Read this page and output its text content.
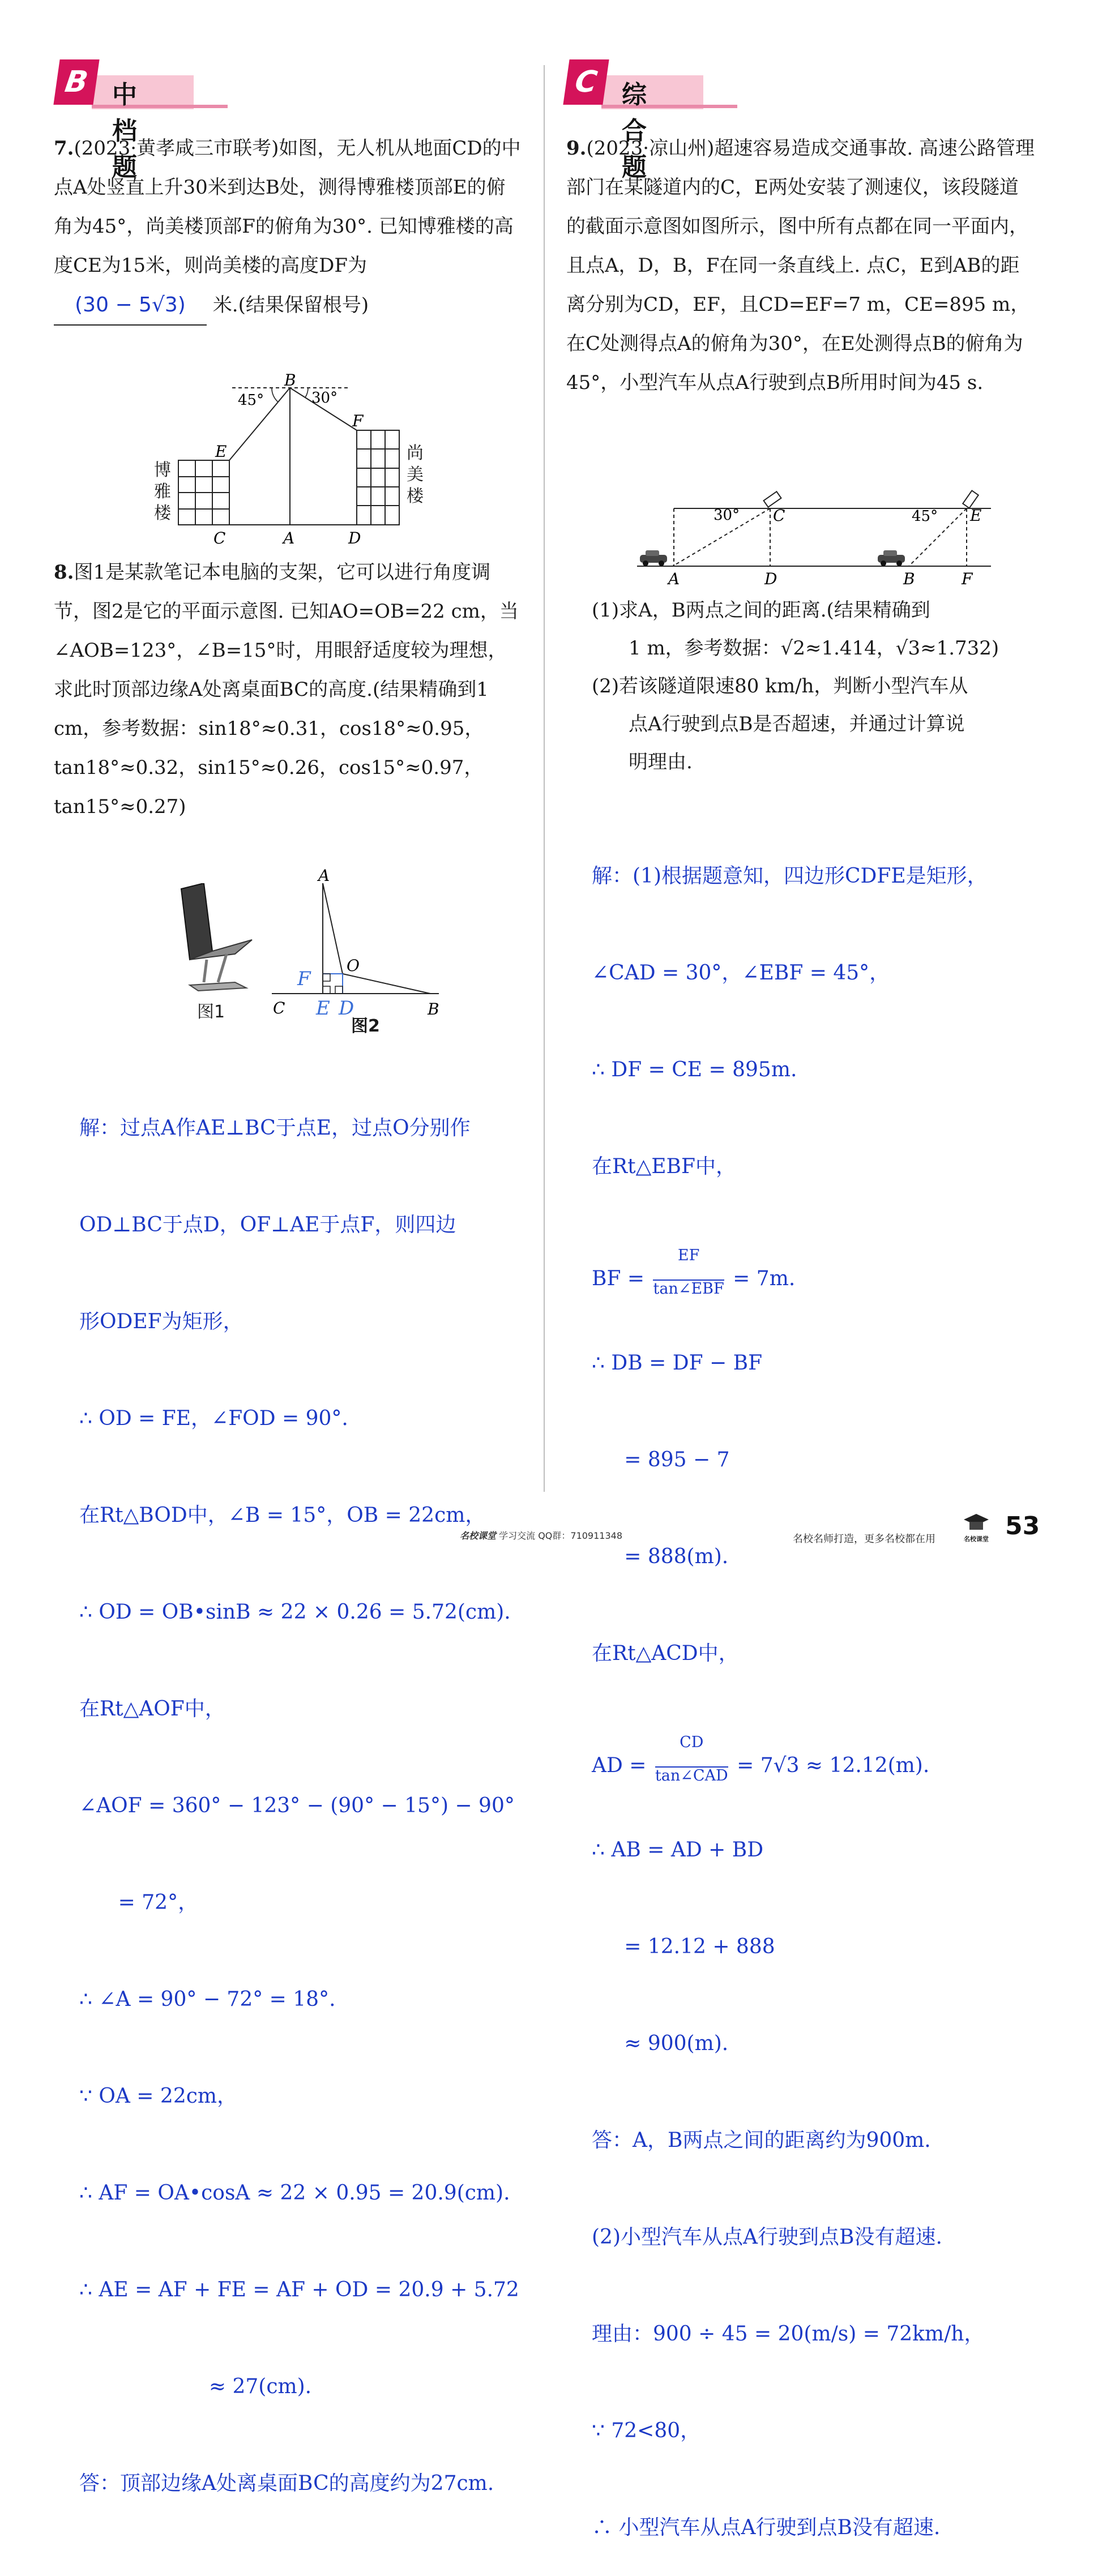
B 中档题
C 综合题
7.(2023·黄孝咸三市联考)如图，无人机从地面CD的中点A处竖直上升30米到达B处，测得博雅楼顶部E的俯角为45°，尚美楼顶部F的俯角为30°. 已知博雅楼的高度CE为15米，则尚美楼的高度DF为 (30 − 5√3) 米.(结果保留根号)
45°	30°
B
E
F
C	A	D
博雅楼
尚美楼
8.图1是某款笔记本电脑的支架，它可以进行角度调节，图2是它的平面示意图. 已知AO=OB=22 cm，当∠AOB=123°，∠B=15°时，用眼舒适度较为理想，求此时顶部边缘A处离桌面BC的高度.(结果精确到1 cm，参考数据：sin18°≈0.31，cos18°≈0.95，tan18°≈0.32，sin15°≈0.26，cos15°≈0.97，tan15°≈0.27)
图1
A
O
F
C E D	B
图2

解：过点A作AE⊥BC于点E，过点O分别作

OD⊥BC于点D，OF⊥AE于点F，则四边

形ODEF为矩形，

∴ OD = FE，∠FOD = 90°.

在Rt△BOD中，∠B = 15°，OB = 22cm，

∴ OD = OB•sinB ≈ 22 × 0.26 = 5.72(cm).

在Rt△AOF中，

∠AOF = 360° − 123° − (90° − 15°) − 90°

= 72°，

∴ ∠A = 90° − 72° = 18°.

∵ OA = 22cm，

∴ AF = OA•cosA ≈ 22 × 0.95 = 20.9(cm).

∴ AE = AF + FE = AF + OD = 20.9 + 5.72

≈ 27(cm).

答：顶部边缘A处离桌面BC的高度约为27cm.

9.(2023·凉山州)超速容易造成交通事故. 高速公路管理部门在某隧道内的C，E两处安装了测速仪，该段隧道的截面示意图如图所示，图中所有点都在同一平面内，且点A，D，B，F在同一条直线上. 点C，E到AB的距离分别为CD，EF，且CD=EF=7 m，CE=895 m，在C处测得点A的俯角为30°，在E处测得点B的俯角为45°，小型汽车从点A行驶到点B所用时间为45 s.
30°	45°
C	E
A	D	B	F
(1)求A，B两点之间的距离.(结果精确到
1 m，参考数据：√2≈1.414，√3≈1.732)
(2)若该隧道限速80 km/h，判断小型汽车从
点A行驶到点B是否超速，并通过计算说
明理由.

解：(1)根据题意知，四边形CDFE是矩形，

∠CAD = 30°，∠EBF = 45°，

∴ DF = CE = 895m.

在Rt△EBF中，

BF = $\frac{EF}{\text{tan∠EBF}} = 7m$.

∴ DB = DF − BF

= 895 − 7

= 888(m).

在Rt△ACD中，

AD = $\frac{CD}{\text{tan∠CAD}} = 7√3 \approx 12.12(m)$.

∴ AB = AD + BD

= 12.12 + 888

≈ 900(m).

答：A，B两点之间的距离约为900m.

(2)小型汽车从点A行驶到点B没有超速.

理由：900 ÷ 45 = 20(m/s) = 72km/h，

∵ 72<80，

∴ 小型汽车从点A行驶到点B没有超速.

名校课堂 学习交流 QQ群：710911348	名校名师打造，更多名校都在用	名校课堂 53
